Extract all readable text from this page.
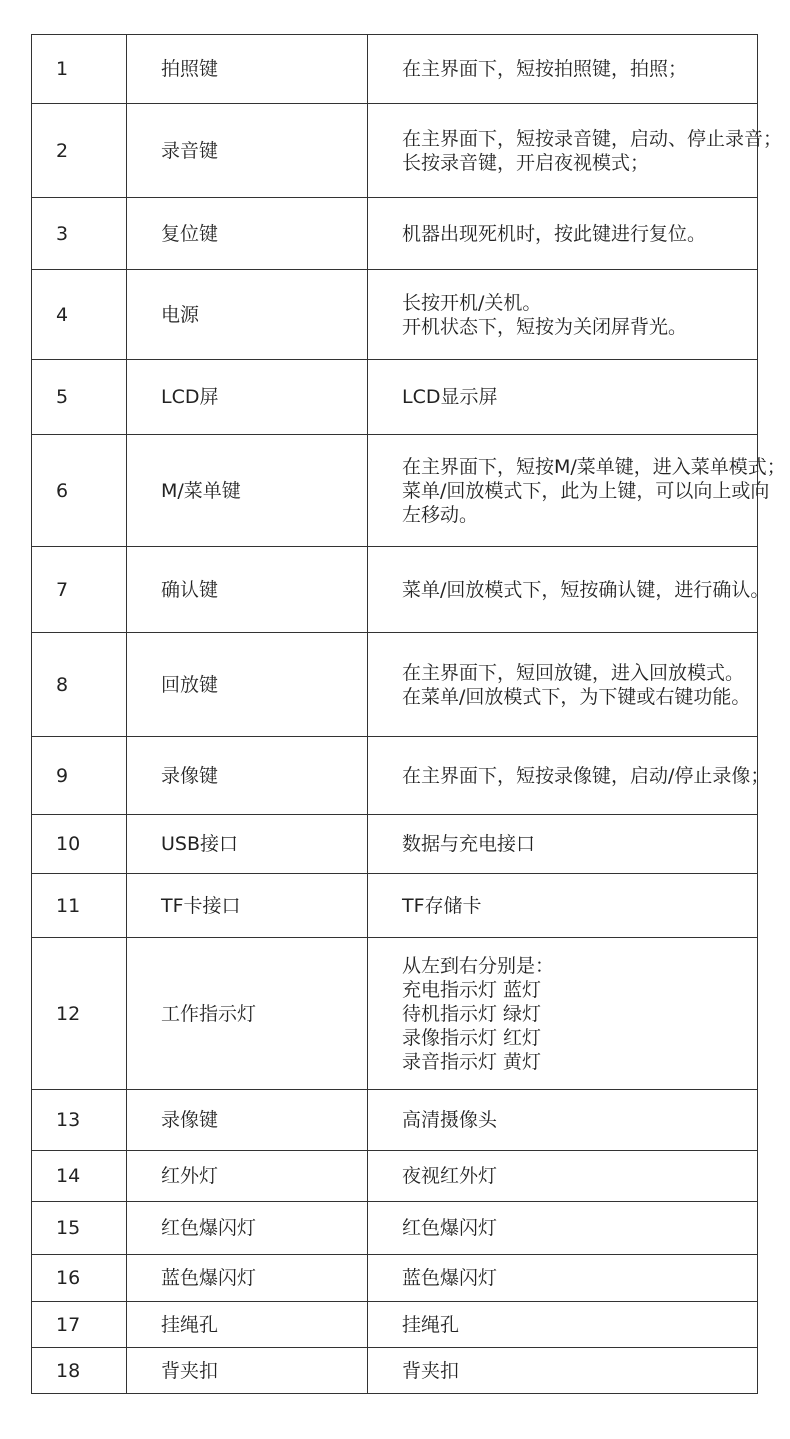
1	拍照键	在主界面下，短按拍照键，拍照；

2	录音键	在主界面下，短按录音键，启动、停止录音；
长按录音键，开启夜视模式；

3	复位键	机器出现死机时，按此键进行复位。

4	电源	长按开机/关机。
开机状态下，短按为关闭屏背光。

5	LCD屏	LCD显示屏

6	M/菜单键	在主界面下，短按M/菜单键，进入菜单模式；
菜单/回放模式下，此为上键，可以向上或向
左移动。

7	确认键	菜单/回放模式下，短按确认键，进行确认。

8	回放键	在主界面下，短回放键，进入回放模式。
在菜单/回放模式下，为下键或右键功能。

9	录像键	在主界面下，短按录像键，启动/停止录像；

10	USB接口	数据与充电接口

11	TF卡接口	TF存储卡

12	工作指示灯	从左到右分别是：
充电指示灯 蓝灯
待机指示灯 绿灯
录像指示灯 红灯
录音指示灯 黄灯

13	录像键	高清摄像头

14	红外灯	夜视红外灯

15	红色爆闪灯	红色爆闪灯

16	蓝色爆闪灯	蓝色爆闪灯

17	挂绳孔	挂绳孔

18	背夹扣	背夹扣
